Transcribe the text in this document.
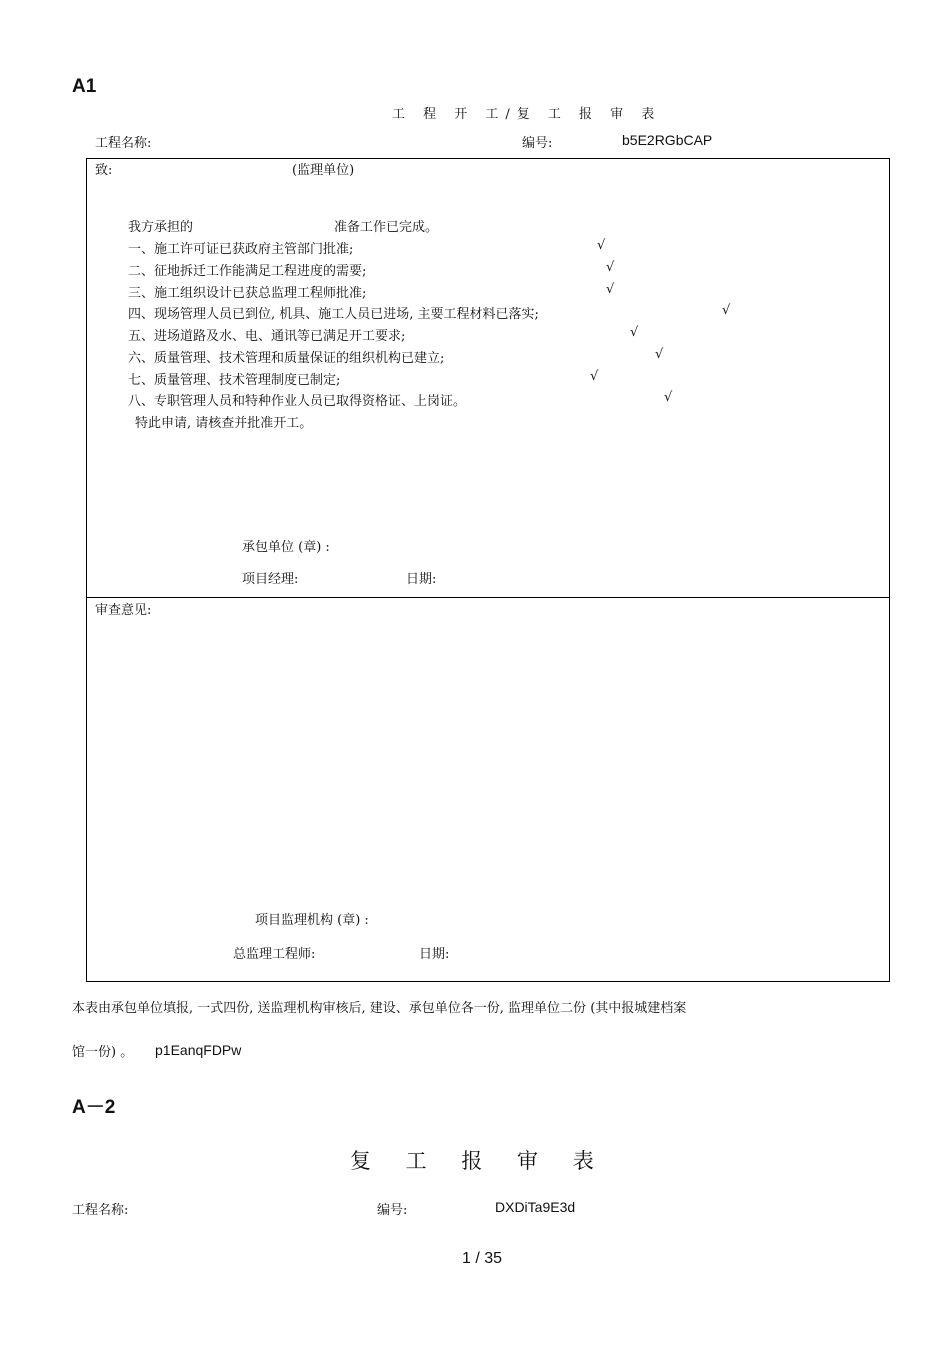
A1
工 程 开 工/复 工 报 审 表
工程名称:	编号:	b5E2RGbCAP
致:	(监理单位)
我方承担的	准备工作已完成。
一、施工许可证已获政府主管部门批准;	√
二、征地拆迁工作能满足工程进度的需要;	√
三、施工组织设计已获总监理工程师批准;	√
四、现场管理人员已到位, 机具、施工人员已进场, 主要工程材料已落实;	√
五、进场道路及水、电、通讯等已满足开工要求;	√
六、质量管理、技术管理和质量保证的组织机构已建立;	√
七、质量管理、技术管理制度已制定;	√
八、专职管理人员和特种作业人员已取得资格证、上岗证。	√
特此申请, 请核查并批准开工。
承包单位 (章) :
项目经理:	日期:
审查意见:
项目监理机构 (章) :
总监理工程师:	日期:
本表由承包单位填报, 一式四份, 送监理机构审核后, 建设、承包单位各一份, 监理单位二份 (其中报城建档案
馆一份) 。 p1EanqFDPw
A－2
复 工 报 审 表
工程名称:	编号:	DXDiTa9E3d
1 / 35
